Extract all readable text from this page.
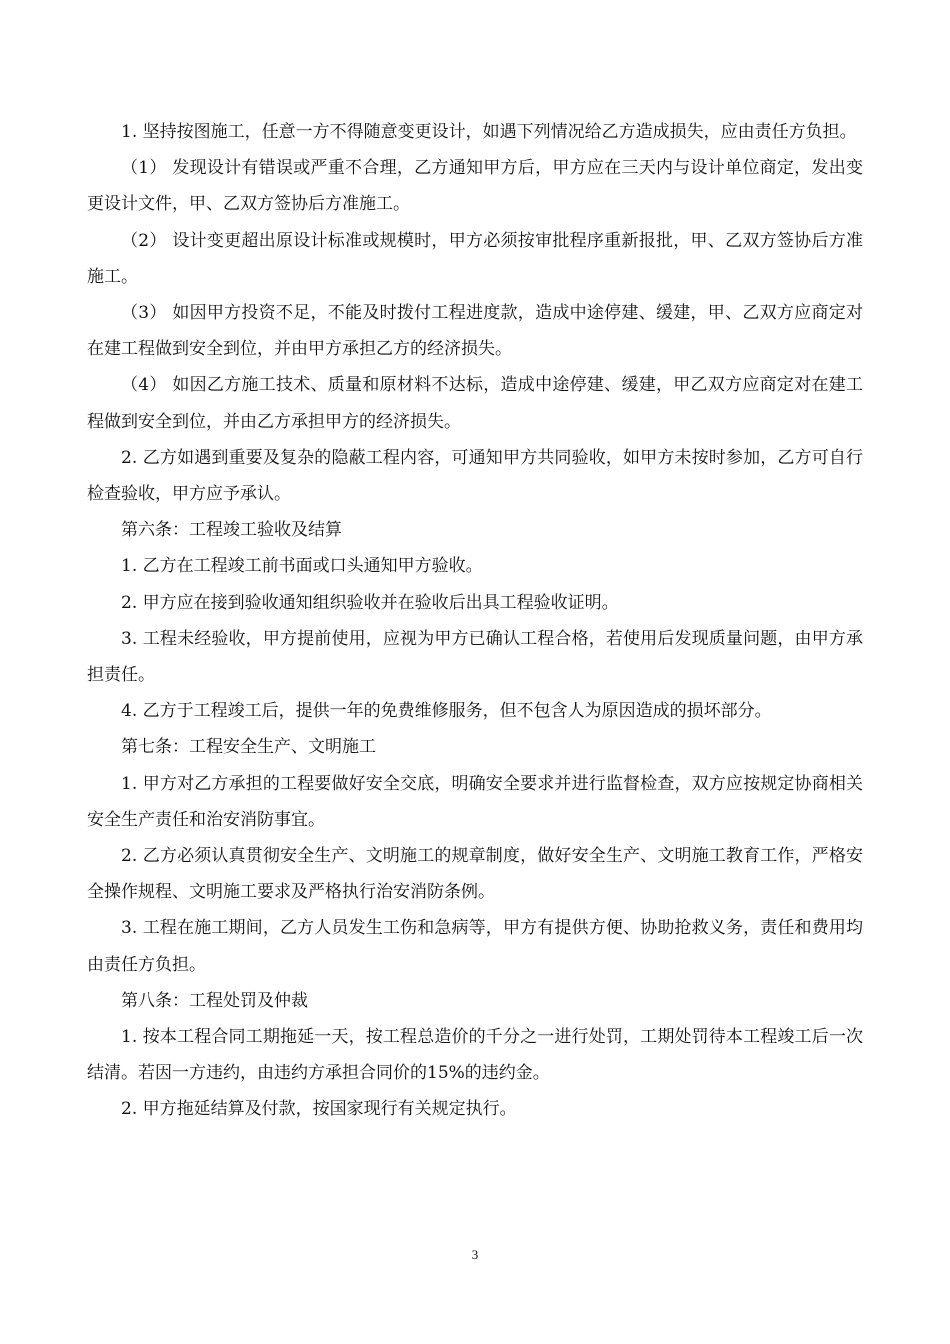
1. 坚持按图施工，任意一方不得随意变更设计，如遇下列情况给乙方造成损失，应由责任方负担。

（1） 发现设计有错误或严重不合理，乙方通知甲方后，甲方应在三天内与设计单位商定，发出变更设计文件，甲、乙双方签协后方准施工。

（2） 设计变更超出原设计标准或规模时，甲方必须按审批程序重新报批，甲、乙双方签协后方准施工。

（3） 如因甲方投资不足，不能及时拨付工程进度款，造成中途停建、缓建，甲、乙双方应商定对在建工程做到安全到位，并由甲方承担乙方的经济损失。

（4） 如因乙方施工技术、质量和原材料不达标，造成中途停建、缓建，甲乙双方应商定对在建工程做到安全到位，并由乙方承担甲方的经济损失。

2. 乙方如遇到重要及复杂的隐蔽工程内容，可通知甲方共同验收，如甲方未按时参加，乙方可自行检查验收，甲方应予承认。

第六条：工程竣工验收及结算

1. 乙方在工程竣工前书面或口头通知甲方验收。

2. 甲方应在接到验收通知组织验收并在验收后出具工程验收证明。

3. 工程未经验收，甲方提前使用，应视为甲方已确认工程合格，若使用后发现质量问题，由甲方承担责任。

4. 乙方于工程竣工后，提供一年的免费维修服务，但不包含人为原因造成的损坏部分。

第七条：工程安全生产、文明施工

1. 甲方对乙方承担的工程要做好安全交底，明确安全要求并进行监督检查，双方应按规定协商相关安全生产责任和治安消防事宜。

2. 乙方必须认真贯彻安全生产、文明施工的规章制度，做好安全生产、文明施工教育工作，严格安全操作规程、文明施工要求及严格执行治安消防条例。

3. 工程在施工期间，乙方人员发生工伤和急病等，甲方有提供方便、协助抢救义务，责任和费用均由责任方负担。

第八条：工程处罚及仲裁

1. 按本工程合同工期拖延一天，按工程总造价的千分之一进行处罚，工期处罚待本工程竣工后一次结清。若因一方违约，由违约方承担合同价的15%的违约金。

2. 甲方拖延结算及付款，按国家现行有关规定执行。

3
